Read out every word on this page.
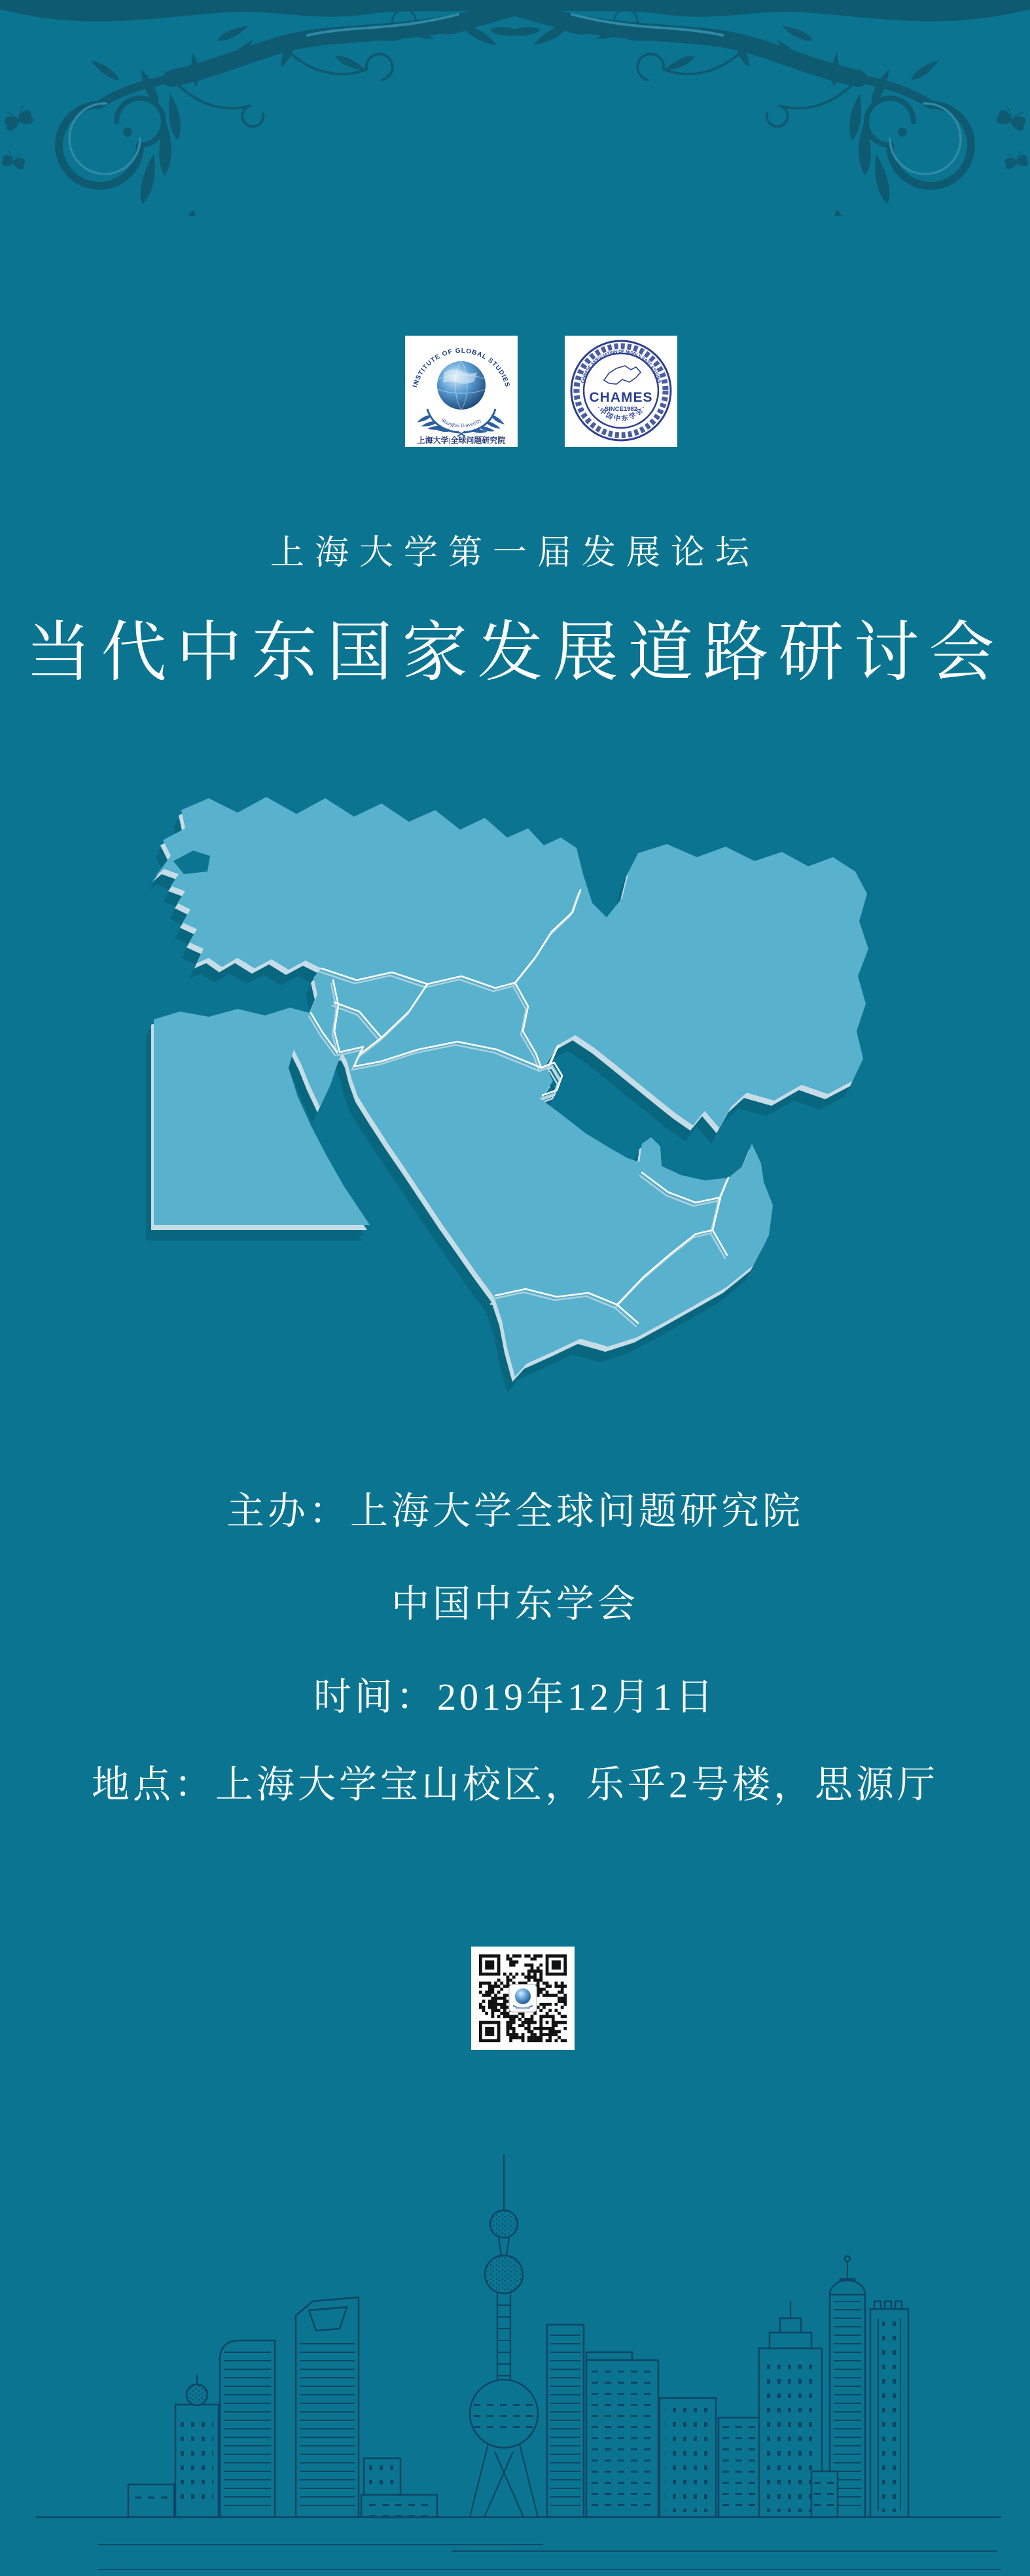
INSTITUTE OF GLOBAL STUDIES
Shanghai University
上海大学|全球问题研究院
CHINESE ASSOCIATION OF MIDDLE EAST STUDIES
CHAMES
SINCE1982
· 中 国 中 东 学 会 ·
上海大学第一届发展论坛
当代中东国家发展道路研讨会
主办：上海大学全球问题研究院
中国中东学会
时间：2019年12月1日
地点：上海大学宝山校区，乐乎2号楼，思源厅
